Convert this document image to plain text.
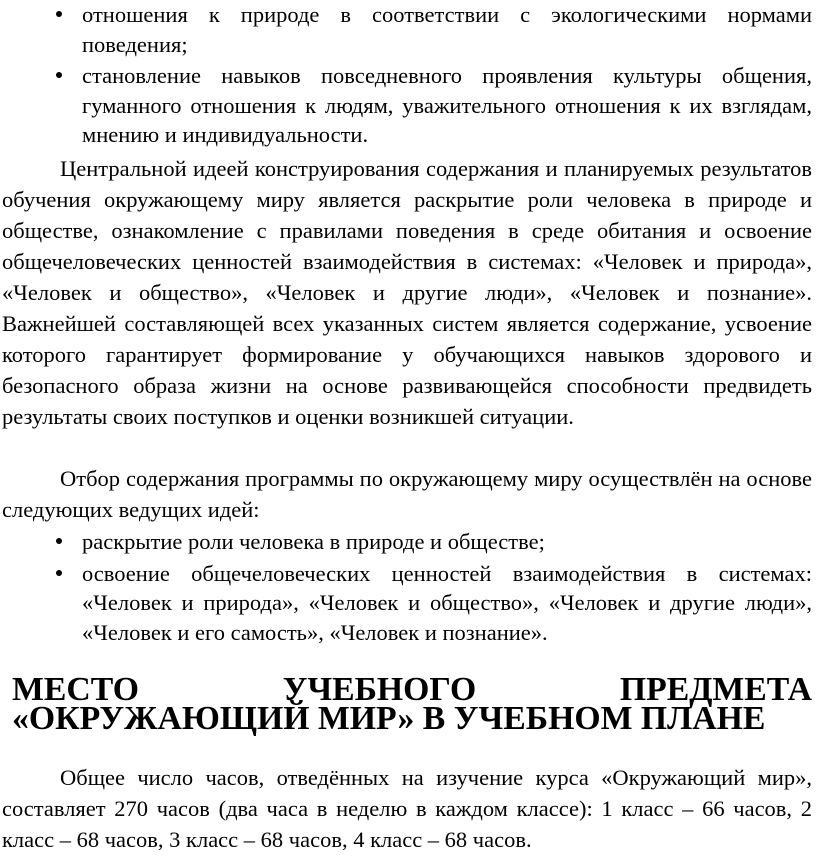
отношения к природе в соответствии с экологическими нормами поведения;
становление навыков повседневного проявления культуры общения, гуманного отношения к людям, уважительного отношения к их взглядам, мнению и индивидуальности.

Центральной идеей конструирования содержания и планируемых результатов обучения окружающему миру является раскрытие роли человека в природе и обществе, ознакомление с правилами поведения в среде обитания и освоение общечеловеческих ценностей взаимодействия в системах: «Человек и природа», «Человек и общество», «Человек и другие люди», «Человек и познание». Важнейшей составляющей всех указанных систем является содержание, усвоение которого гарантирует формирование у обучающихся навыков здорового и безопасного образа жизни на основе развивающейся способности предвидеть результаты своих поступков и оценки возникшей ситуации.

Отбор содержания программы по окружающему миру осуществлён на основе следующих ведущих идей:

раскрытие роли человека в природе и обществе;
освоение общечеловеческих ценностей взаимодействия в системах: «Человек и природа», «Человек и общество», «Человек и другие люди», «Человек и его самость», «Человек и познание».
МЕСТО УЧЕБНОГО ПРЕДМЕТА «ОКРУЖАЮЩИЙ МИР» В УЧЕБНОМ ПЛАНЕ

Общее число часов, отведённых на изучение курса «Окружающий мир», составляет 270 часов (два часа в неделю в каждом классе): 1 класс – 66 часов, 2 класс – 68 часов, 3 класс – 68 часов, 4 класс – 68 часов.
